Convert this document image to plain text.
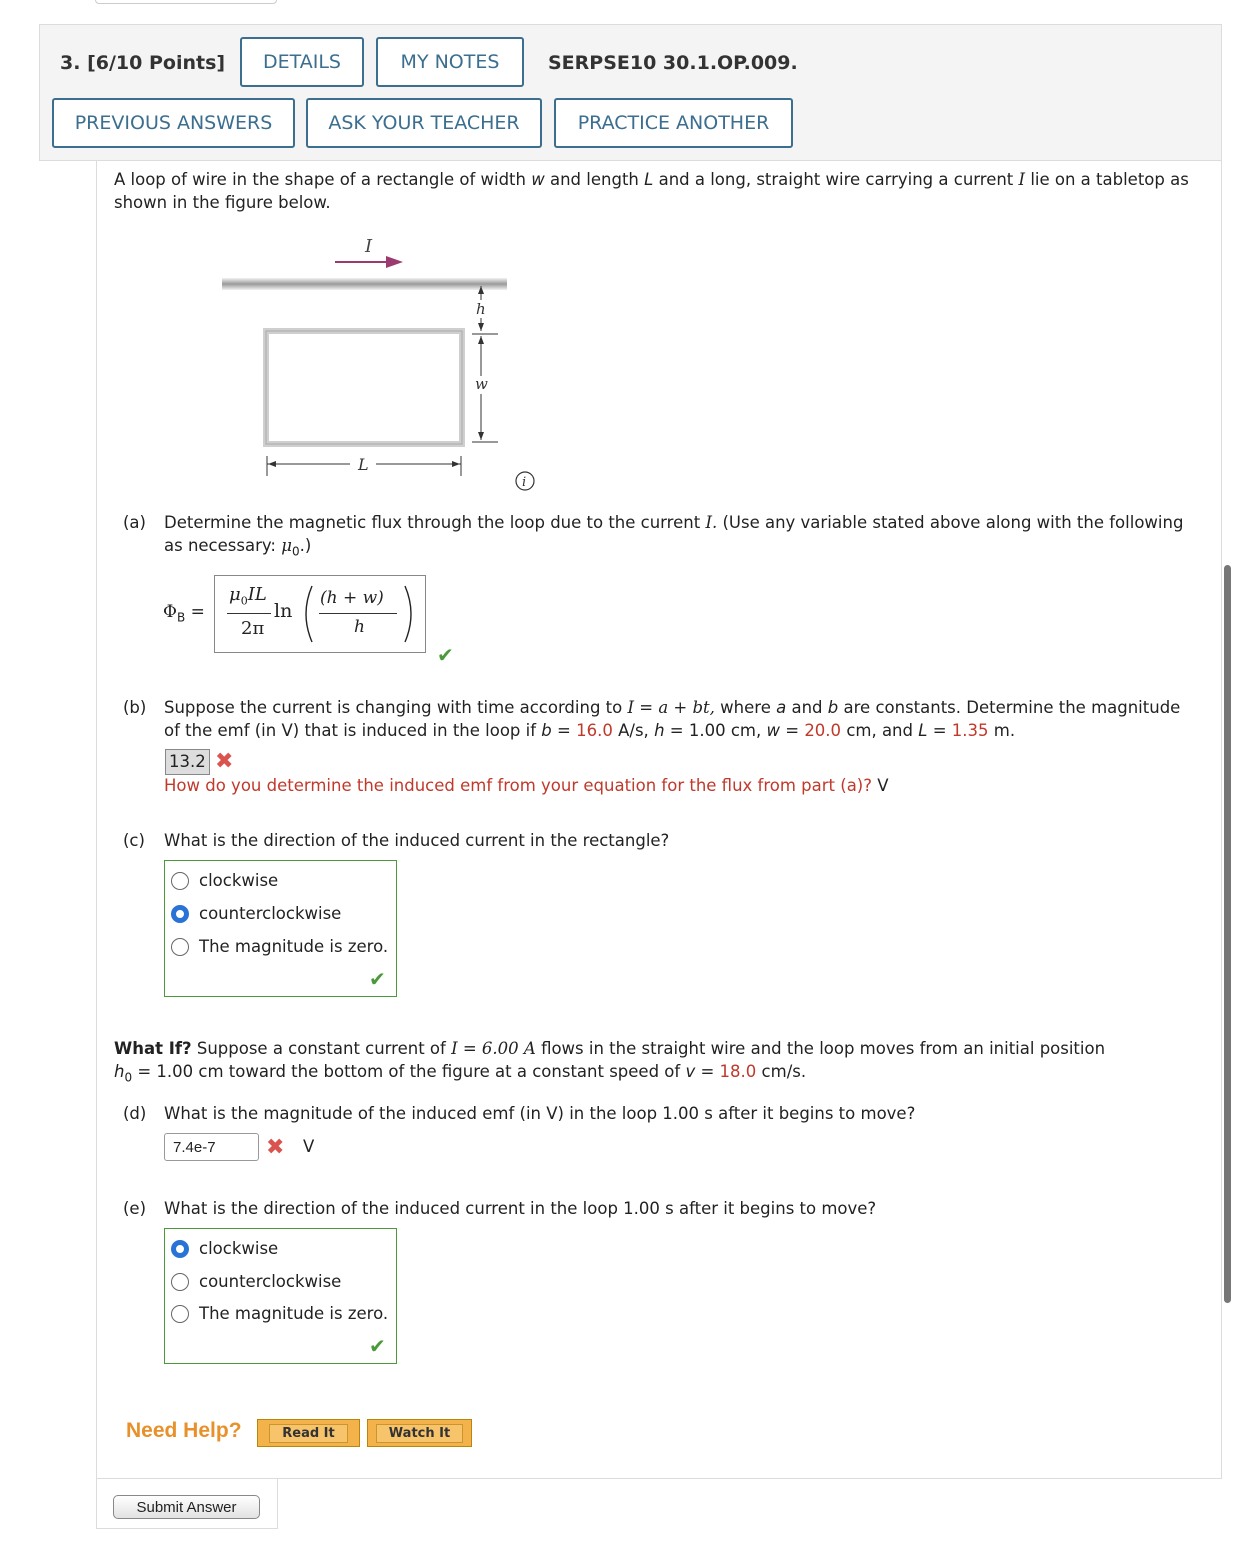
3. [6/10 Points]	DETAILS	MY NOTES	SERPSE10 30.1.OP.009.
PREVIOUS ANSWERS	ASK YOUR TEACHER	PRACTICE ANOTHER
A loop of wire in the shape of a rectangle of width w and length L and a long, straight wire carrying a current I lie on a tabletop as
shown in the figure below.
I
h
w
L
i
(a) Determine the magnetic flux through the loop due to the current I. (Use any variable stated above along with the following
as necessary: $\mu_0$.)
$\Phi_B$ =
$\mu_0IL$
2π
ln
(h + w)
h
✔
(b) Suppose the current is changing with time according to I = a + bt, where a and b are constants. Determine the magnitude
of the emf (in V) that is induced in the loop if b = 16.0 A/s, h = 1.00 cm, w = 20.0 cm, and L = 1.35 m.
13.2 ✖
How do you determine the induced emf from your equation for the flux from part (a)? V
(c) What is the direction of the induced current in the rectangle?
clockwise
counterclockwise
The magnitude is zero.
✔
What If? Suppose a constant current of I = 6.00 A flows in the straight wire and the loop moves from an initial position
$h_0 = 1.00$ cm toward the bottom of the figure at a constant speed of v = 18.0 cm/s.
(d) What is the magnitude of the induced emf (in V) in the loop 1.00 s after it begins to move?
7.4e-7	✖ V
(e) What is the direction of the induced current in the loop 1.00 s after it begins to move?
clockwise
counterclockwise
The magnitude is zero.
✔
Need Help?	Read It	Watch It
Submit Answer
